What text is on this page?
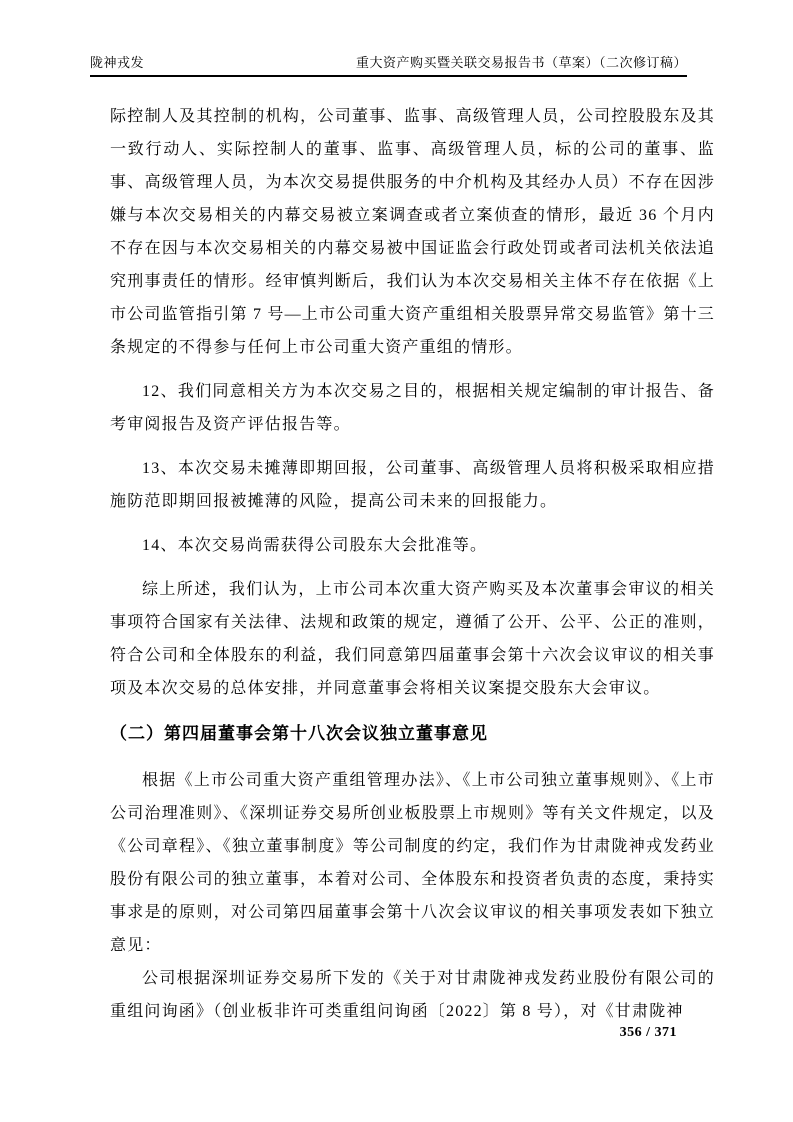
陇神戎发	重大资产购买暨关联交易报告书（草案）（二次修订稿）

际控制人及其控制的机构，公司董事、监事、高级管理人员，公司控股股东及其一致行动人、实际控制人的董事、监事、高级管理人员，标的公司的董事、监事、高级管理人员，为本次交易提供服务的中介机构及其经办人员）不存在因涉嫌与本次交易相关的内幕交易被立案调查或者立案侦查的情形，最近 36 个月内不存在因与本次交易相关的内幕交易被中国证监会行政处罚或者司法机关依法追究刑事责任的情形。经审慎判断后，我们认为本次交易相关主体不存在依据《上市公司监管指引第 7 号—上市公司重大资产重组相关股票异常交易监管》第十三条规定的不得参与任何上市公司重大资产重组的情形。

12、我们同意相关方为本次交易之目的，根据相关规定编制的审计报告、备考审阅报告及资产评估报告等。

13、本次交易未摊薄即期回报，公司董事、高级管理人员将积极采取相应措施防范即期回报被摊薄的风险，提高公司未来的回报能力。

14、本次交易尚需获得公司股东大会批准等。

综上所述，我们认为，上市公司本次重大资产购买及本次董事会审议的相关事项符合国家有关法律、法规和政策的规定，遵循了公开、公平、公正的准则，符合公司和全体股东的利益，我们同意第四届董事会第十六次会议审议的相关事项及本次交易的总体安排，并同意董事会将相关议案提交股东大会审议。

（二）第四届董事会第十八次会议独立董事意见

根据《上市公司重大资产重组管理办法》、《上市公司独立董事规则》、《上市公司治理准则》、《深圳证券交易所创业板股票上市规则》等有关文件规定，以及《公司章程》、《独立董事制度》等公司制度的约定，我们作为甘肃陇神戎发药业股份有限公司的独立董事，本着对公司、全体股东和投资者负责的态度，秉持实事求是的原则，对公司第四届董事会第十八次会议审议的相关事项发表如下独立意见：

公司根据深圳证券交易所下发的《关于对甘肃陇神戎发药业股份有限公司的重组问询函》（创业板非许可类重组问询函〔2022〕第 8 号），对《甘肃陇神

356 / 371
